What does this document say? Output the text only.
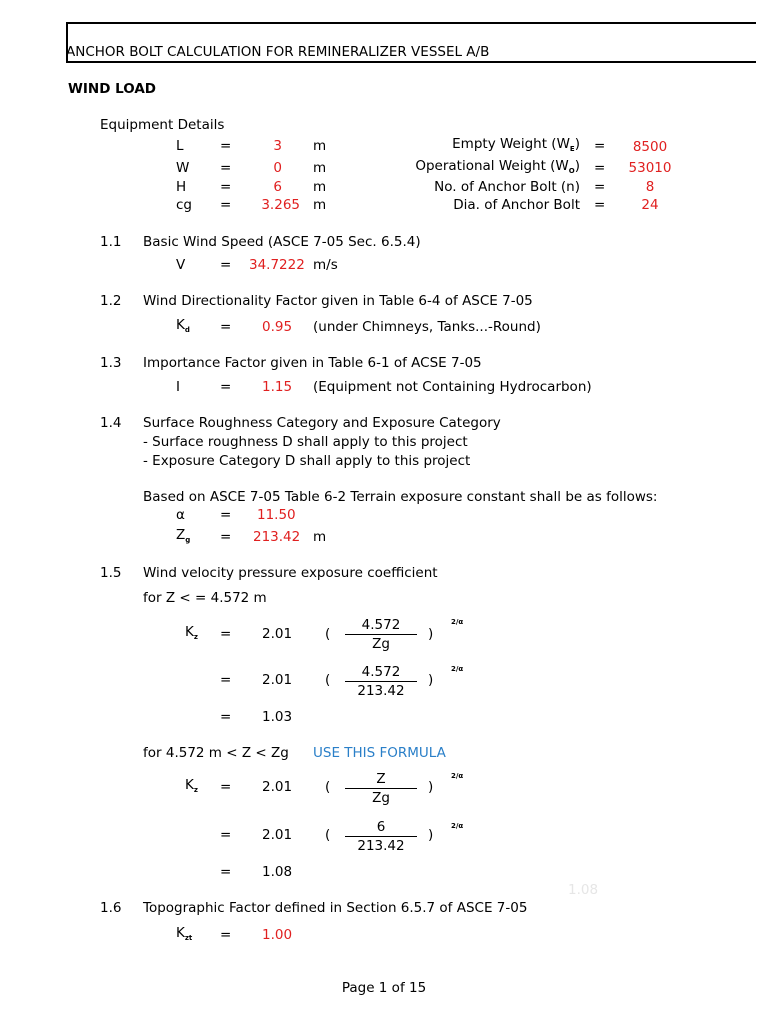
ANCHOR BOLT CALCULATION FOR REMINERALIZER VESSEL A/B
WIND LOAD
Equipment Details
L	=	3 m
W =	0 m
H	=	6 m
cg =	3.265 m
Empty Weight $(W_E)$ =	8500
Operational Weight $(W_O)$ =	53010
No. of Anchor Bolt (n) =	8
Dia. of Anchor Bolt =	24
1.1 Basic Wind Speed (ASCE 7-05 Sec. 6.5.4)
V	= 34.7222 m/s
1.2 Wind Directionality Factor given in Table 6-4 of ASCE 7-05
$K_d = 0.95$ (under Chimneys, Tanks...-Round)
1.3 Importance Factor given in Table 6-1 of ACSE 7-05
I	= 1.15 (Equipment not Containing Hydrocarbon)
1.4 Surface Roughness Category and Exposure Category
- Surface roughness D shall apply to this project
- Exposure Category D shall apply to this project
Based on ASCE 7-05 Table 6-2 Terrain exposure constant shall be as follows:
α	= 11.50
$Z_g = 213.42$ m
1.5 Wind velocity pressure exposure coefficient
for Z < = 4.572 m
$K_z = 2.01$ (
4.572
Zg
)
2/α
= 2.01 (	4.572
213.42
)
2/α
= 1.03
for 4.572 m < Z < Zg USE THIS FORMULA
$K_z = 2.01$ (	Z
Zg
)
2/α
= 2.01 (	6
213.42
)
2/α
= 1.08
1.08
1.6 Topographic Factor defined in Section 6.5.7 of ASCE 7-05
$K_{zt} = 1.00$
Page 1 of 15
